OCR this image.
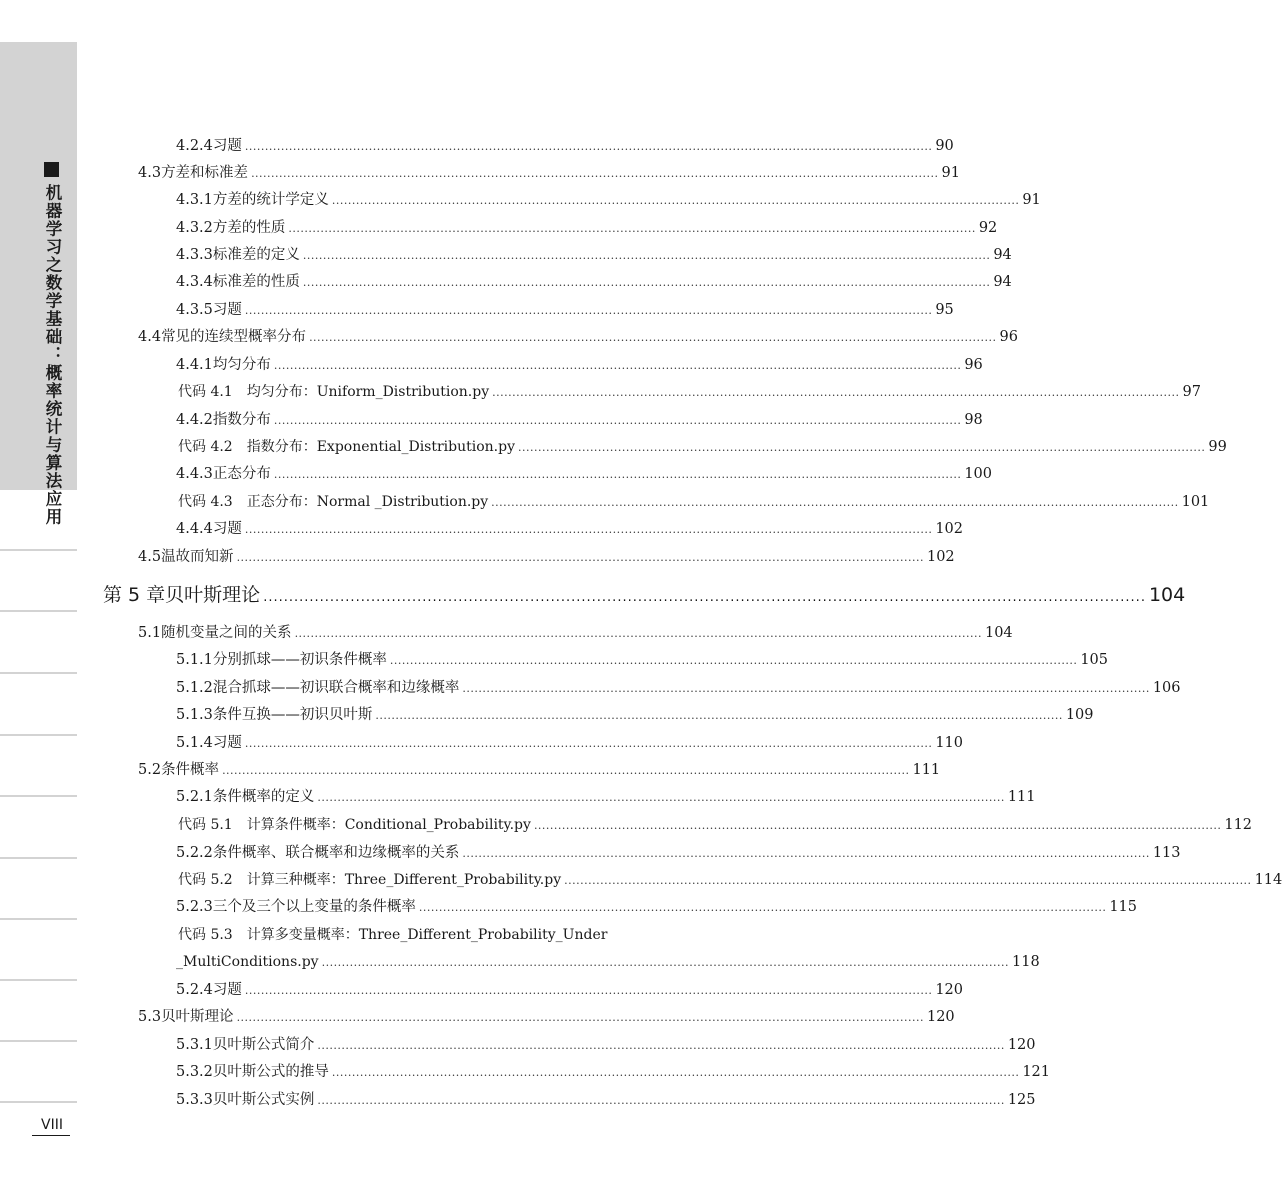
机器学习之数学基础：概率统计与算法应用
VIII
4.2.4 习题 ............................................................................................................................................................................ 90
4.3 方差和标准差 ............................................................................................................................................................................ 91
4.3.1 方差的统计学定义 ............................................................................................................................................................................ 91
4.3.2 方差的性质 ............................................................................................................................................................................ 92
4.3.3 标准差的定义 ............................................................................................................................................................................ 94
4.3.4 标准差的性质 ............................................................................................................................................................................ 94
4.3.5 习题 ............................................................................................................................................................................ 95
4.4 常见的连续型概率分布 ............................................................................................................................................................................ 96
4.4.1 均匀分布 ............................................................................................................................................................................ 96
代码 4.1　均匀分布：Uniform_Distribution.py ............................................................................................................................................................................ 97
4.4.2 指数分布 ............................................................................................................................................................................ 98
代码 4.2　指数分布：Exponential_Distribution.py ............................................................................................................................................................................ 99
4.4.3 正态分布 ............................................................................................................................................................................ 100
代码 4.3　正态分布：Normal _Distribution.py ............................................................................................................................................................................ 101
4.4.4 习题 ............................................................................................................................................................................ 102
4.5 温故而知新 ............................................................................................................................................................................ 102
第 5 章 贝叶斯理论 ............................................................................................................................................................................ 104
5.1 随机变量之间的关系 ............................................................................................................................................................................ 104
5.1.1 分别抓球——初识条件概率 ............................................................................................................................................................................ 105
5.1.2 混合抓球——初识联合概率和边缘概率 ............................................................................................................................................................................ 106
5.1.3 条件互换——初识贝叶斯 ............................................................................................................................................................................ 109
5.1.4 习题 ............................................................................................................................................................................ 110
5.2 条件概率 ............................................................................................................................................................................ 111
5.2.1 条件概率的定义 ............................................................................................................................................................................ 111
代码 5.1　计算条件概率：Conditional_Probability.py ............................................................................................................................................................................ 112
5.2.2 条件概率、联合概率和边缘概率的关系 ............................................................................................................................................................................ 113
代码 5.2　计算三种概率：Three_Different_Probability.py ............................................................................................................................................................................ 114
5.2.3 三个及三个以上变量的条件概率 ............................................................................................................................................................................ 115
代码 5.3　计算多变量概率：Three_Different_Probability_Under
_MultiConditions.py ............................................................................................................................................................................ 118
5.2.4 习题 ............................................................................................................................................................................ 120
5.3 贝叶斯理论 ............................................................................................................................................................................ 120
5.3.1 贝叶斯公式简介 ............................................................................................................................................................................ 120
5.3.2 贝叶斯公式的推导 ............................................................................................................................................................................ 121
5.3.3 贝叶斯公式实例 ............................................................................................................................................................................ 125
